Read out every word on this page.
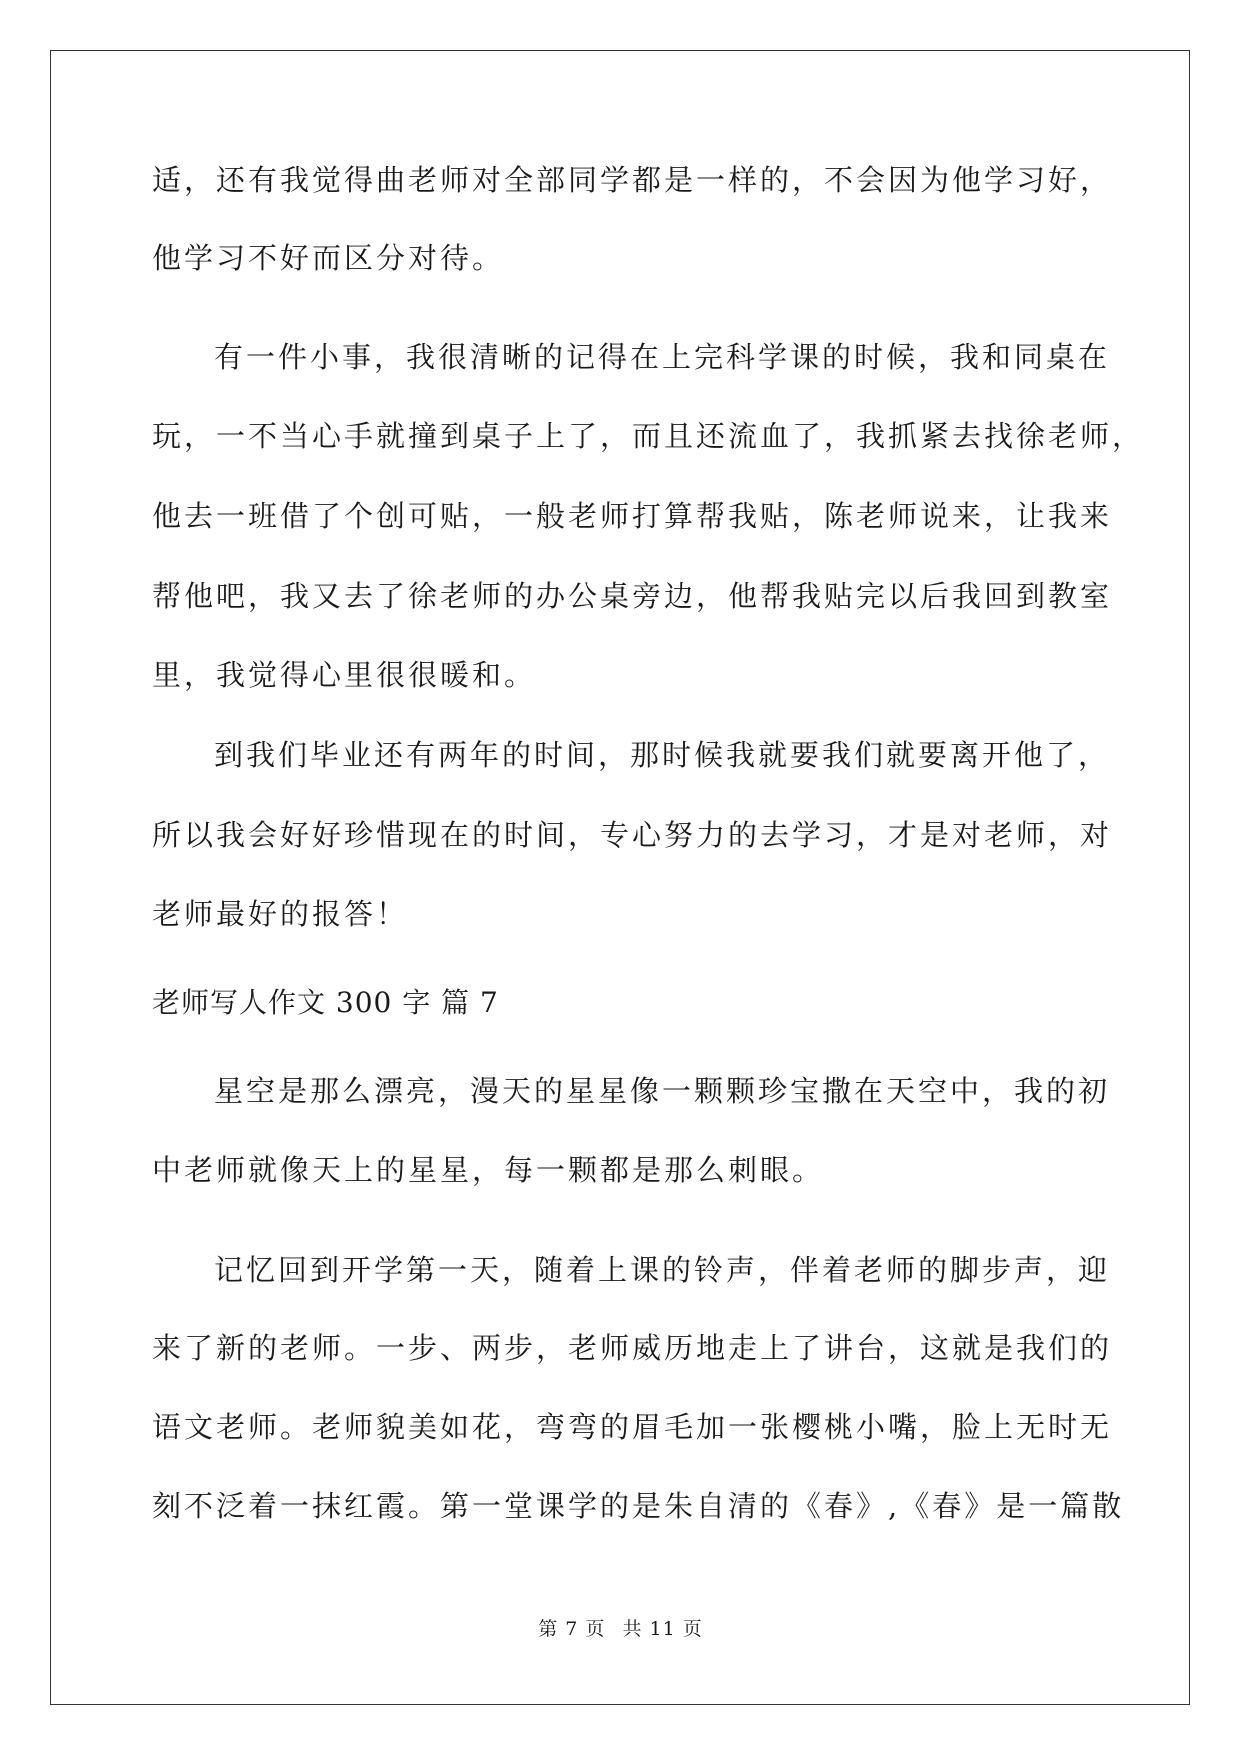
适，还有我觉得曲老师对全部同学都是一样的，不会因为他学习好，
他学习不好而区分对待。
有一件小事，我很清晰的记得在上完科学课的时候，我和同桌在
玩，一不当心手就撞到桌子上了，而且还流血了，我抓紧去找徐老师，
他去一班借了个创可贴，一般老师打算帮我贴，陈老师说来，让我来
帮他吧，我又去了徐老师的办公桌旁边，他帮我贴完以后我回到教室
里，我觉得心里很很暖和。
到我们毕业还有两年的时间，那时候我就要我们就要离开他了，
所以我会好好珍惜现在的时间，专心努力的去学习，才是对老师，对
老师最好的报答！
老师写人作文 300 字 篇 7
星空是那么漂亮，漫天的星星像一颗颗珍宝撒在天空中，我的初
中老师就像天上的星星，每一颗都是那么刺眼。
记忆回到开学第一天，随着上课的铃声，伴着老师的脚步声，迎
来了新的老师。一步、两步，老师威历地走上了讲台，这就是我们的
语文老师。老师貌美如花，弯弯的眉毛加一张樱桃小嘴，脸上无时无
刻不泛着一抹红霞。第一堂课学的是朱自清的《春》,《春》是一篇散
第 7 页 共 11 页
